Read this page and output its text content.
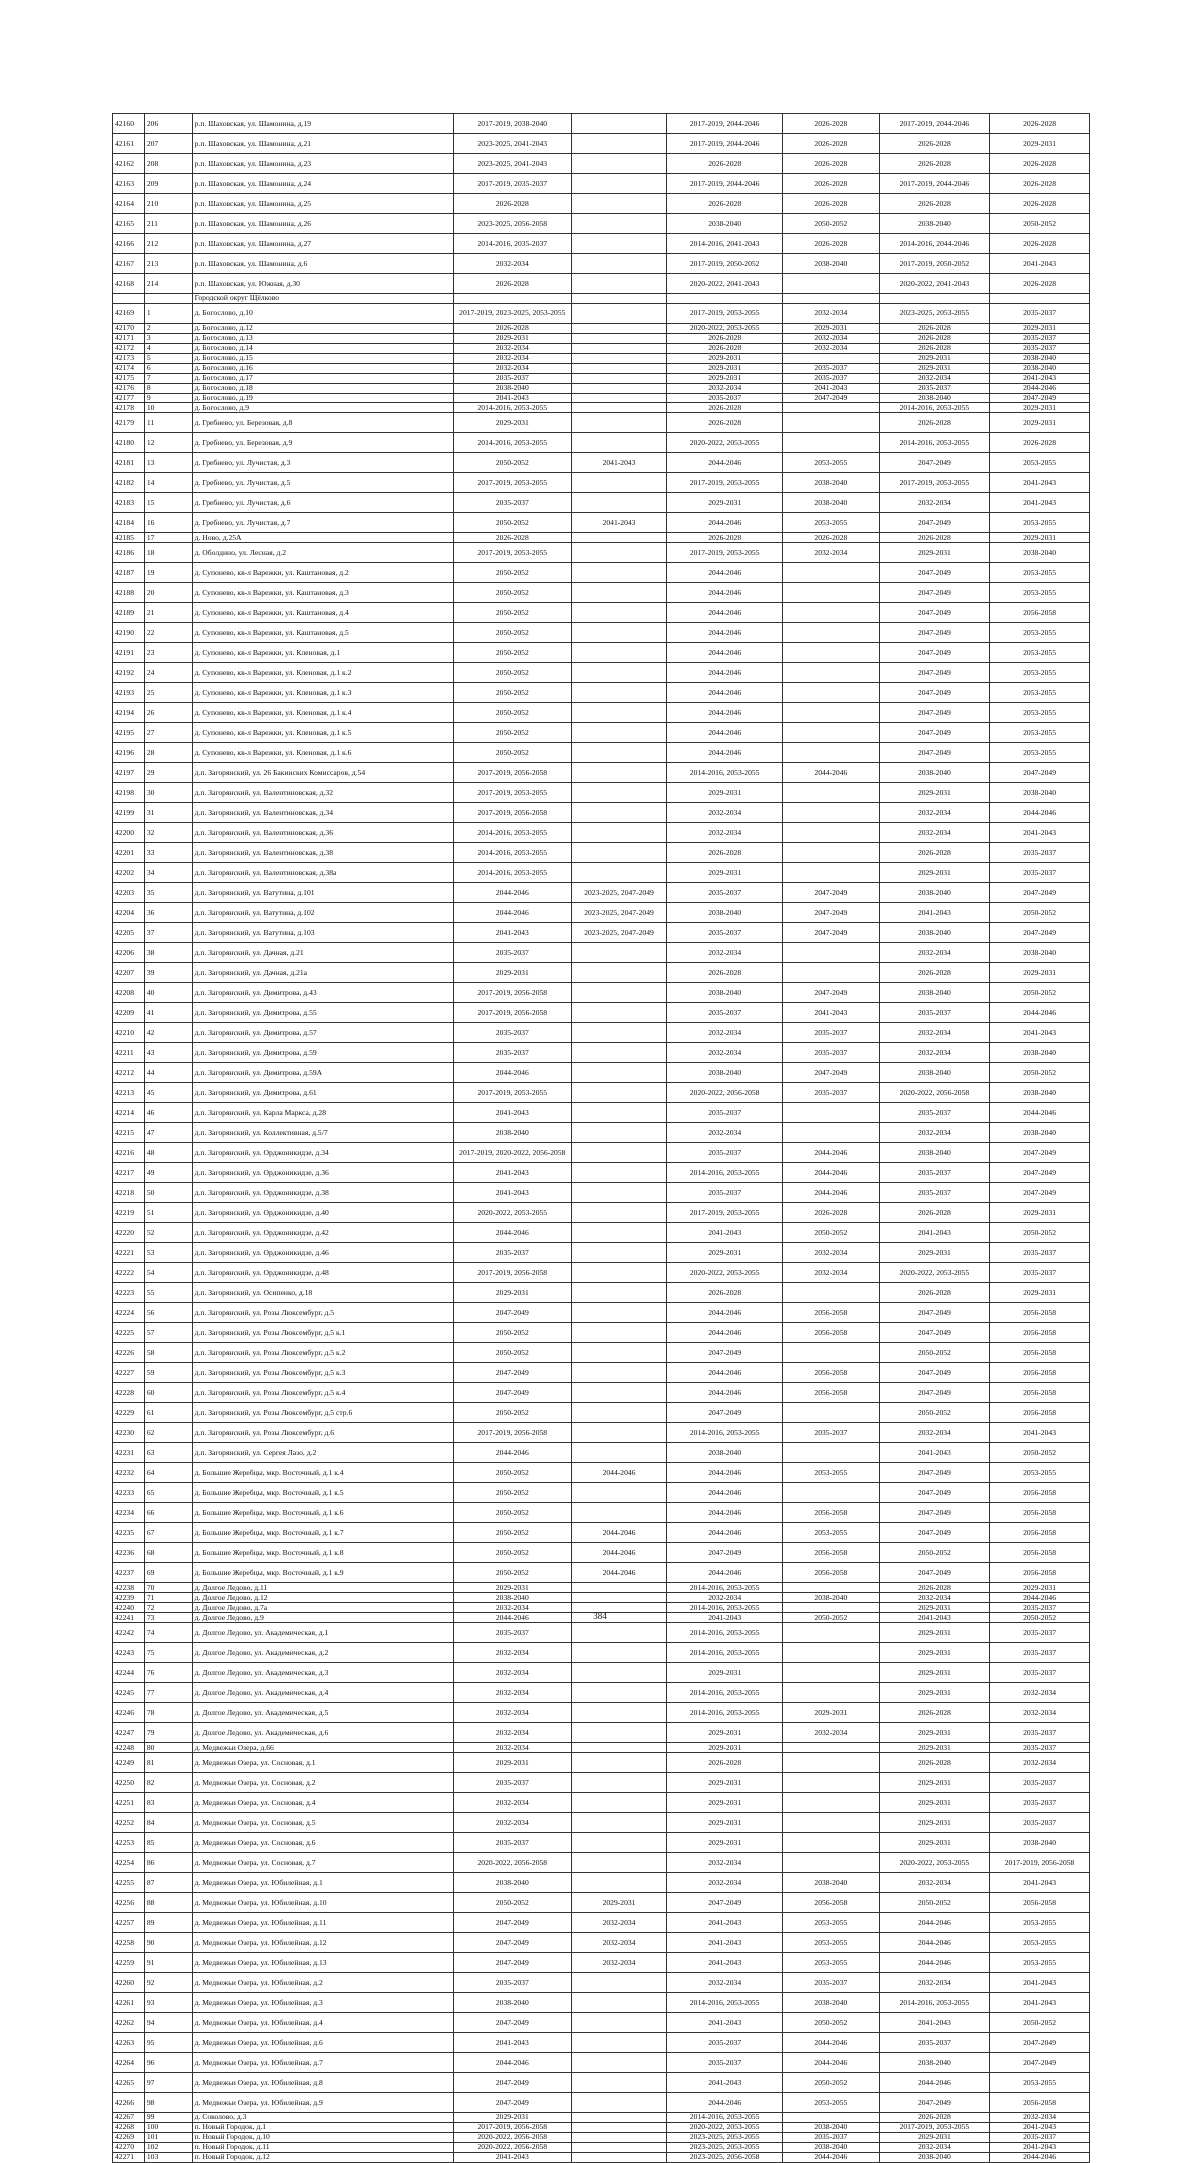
42160	206	р.п. Шаховская, ул. Шамонина, д.19	2017-2019, 2038-2040		2017-2019, 2044-2046	2026-2028	2017-2019, 2044-2046	2026-2028
42161	207	р.п. Шаховская, ул. Шамонина, д.21	2023-2025, 2041-2043		2017-2019, 2044-2046	2026-2028	2026-2028	2029-2031
42162	208	р.п. Шаховская, ул. Шамонина, д.23	2023-2025, 2041-2043		2026-2028	2026-2028	2026-2028	2026-2028
42163	209	р.п. Шаховская, ул. Шамонина, д.24	2017-2019, 2035-2037		2017-2019, 2044-2046	2026-2028	2017-2019, 2044-2046	2026-2028
42164	210	р.п. Шаховская, ул. Шамонина, д.25	2026-2028		2026-2028	2026-2028	2026-2028	2026-2028
42165	211	р.п. Шаховская, ул. Шамонина, д.26	2023-2025, 2056-2058		2038-2040	2050-2052	2038-2040	2050-2052
42166	212	р.п. Шаховская, ул. Шамонина, д.27	2014-2016, 2035-2037		2014-2016, 2041-2043	2026-2028	2014-2016, 2044-2046	2026-2028
42167	213	р.п. Шаховская, ул. Шамонина, д.6	2032-2034		2017-2019, 2050-2052	2038-2040	2017-2019, 2050-2052	2041-2043
42168	214	р.п. Шаховская, ул. Южная, д.30	2026-2028		2020-2022, 2041-2043		2020-2022, 2041-2043	2026-2028
		Городской округ Щёлково						
42169	1	д. Богослово, д.10	2017-2019, 2023-2025, 2053-2055		2017-2019, 2053-2055	2032-2034	2023-2025, 2053-2055	2035-2037
42170	2	д. Богослово, д.12	2026-2028		2020-2022, 2053-2055	2029-2031	2026-2028	2029-2031
42171	3	д. Богослово, д.13	2029-2031		2026-2028	2032-2034	2026-2028	2035-2037
42172	4	д. Богослово, д.14	2032-2034		2026-2028	2032-2034	2026-2028	2035-2037
42173	5	д. Богослово, д.15	2032-2034		2029-2031		2029-2031	2038-2040
42174	6	д. Богослово, д.16	2032-2034		2029-2031	2035-2037	2029-2031	2038-2040
42175	7	д. Богослово, д.17	2035-2037		2029-2031	2035-2037	2032-2034	2041-2043
42176	8	д. Богослово, д.18	2038-2040		2032-2034	2041-2043	2035-2037	2044-2046
42177	9	д. Богослово, д.19	2041-2043		2035-2037	2047-2049	2038-2040	2047-2049
42178	10	д. Богослово, д.9	2014-2016, 2053-2055		2026-2028		2014-2016, 2053-2055	2029-2031
42179	11	д. Гребнево, ул. Березовая, д.8	2029-2031		2026-2028		2026-2028	2029-2031
42180	12	д. Гребнево, ул. Березовая, д.9	2014-2016, 2053-2055		2020-2022, 2053-2055		2014-2016, 2053-2055	2026-2028
42181	13	д. Гребнево, ул. Лучистая, д.3	2050-2052	2041-2043	2044-2046	2053-2055	2047-2049	2053-2055
42182	14	д. Гребнево, ул. Лучистая, д.5	2017-2019, 2053-2055		2017-2019, 2053-2055	2038-2040	2017-2019, 2053-2055	2041-2043
42183	15	д. Гребнево, ул. Лучистая, д.6	2035-2037		2029-2031	2038-2040	2032-2034	2041-2043
42184	16	д. Гребнево, ул. Лучистая, д.7	2050-2052	2041-2043	2044-2046	2053-2055	2047-2049	2053-2055
42185	17	д. Ново, д.25А	2026-2028		2026-2028	2026-2028	2026-2028	2029-2031
42186	18	д. Оболдино, ул. Лесная, д.2	2017-2019, 2053-2055		2017-2019, 2053-2055	2032-2034	2029-2031	2038-2040
42187	19	д. Супонево, кв-л Варежки, ул. Каштановая, д.2	2050-2052		2044-2046		2047-2049	2053-2055
42188	20	д. Супонево, кв-л Варежки, ул. Каштановая, д.3	2050-2052		2044-2046		2047-2049	2053-2055
42189	21	д. Супонево, кв-л Варежки, ул. Каштановая, д.4	2050-2052		2044-2046		2047-2049	2056-2058
42190	22	д. Супонево, кв-л Варежки, ул. Каштановая, д.5	2050-2052		2044-2046		2047-2049	2053-2055
42191	23	д. Супонево, кв-л Варежки, ул. Кленовая, д.1	2050-2052		2044-2046		2047-2049	2053-2055
42192	24	д. Супонево, кв-л Варежки, ул. Кленовая, д.1 к.2	2050-2052		2044-2046		2047-2049	2053-2055
42193	25	д. Супонево, кв-л Варежки, ул. Кленовая, д.1 к.3	2050-2052		2044-2046		2047-2049	2053-2055
42194	26	д. Супонево, кв-л Варежки, ул. Кленовая, д.1 к.4	2050-2052		2044-2046		2047-2049	2053-2055
42195	27	д. Супонево, кв-л Варежки, ул. Кленовая, д.1 к.5	2050-2052		2044-2046		2047-2049	2053-2055
42196	28	д. Супонево, кв-л Варежки, ул. Кленовая, д.1 к.6	2050-2052		2044-2046		2047-2049	2053-2055
42197	29	д.п. Загорянский, ул. 26 Бакинских Комиссаров, д.54	2017-2019, 2056-2058		2014-2016, 2053-2055	2044-2046	2038-2040	2047-2049
42198	30	д.п. Загорянский, ул. Валентиновская, д.32	2017-2019, 2053-2055		2029-2031		2029-2031	2038-2040
42199	31	д.п. Загорянский, ул. Валентиновская, д.34	2017-2019, 2056-2058		2032-2034		2032-2034	2044-2046
42200	32	д.п. Загорянский, ул. Валентиновская, д.36	2014-2016, 2053-2055		2032-2034		2032-2034	2041-2043
42201	33	д.п. Загорянский, ул. Валентиновская, д.38	2014-2016, 2053-2055		2026-2028		2026-2028	2035-2037
42202	34	д.п. Загорянский, ул. Валентиновская, д.38а	2014-2016, 2053-2055		2029-2031		2029-2031	2035-2037
42203	35	д.п. Загорянский, ул. Ватутина, д.101	2044-2046	2023-2025, 2047-2049	2035-2037	2047-2049	2038-2040	2047-2049
42204	36	д.п. Загорянский, ул. Ватутина, д.102	2044-2046	2023-2025, 2047-2049	2038-2040	2047-2049	2041-2043	2050-2052
42205	37	д.п. Загорянский, ул. Ватутина, д.103	2041-2043	2023-2025, 2047-2049	2035-2037	2047-2049	2038-2040	2047-2049
42206	38	д.п. Загорянский, ул. Дачная, д.21	2035-2037		2032-2034		2032-2034	2038-2040
42207	39	д.п. Загорянский, ул. Дачная, д.21а	2029-2031		2026-2028		2026-2028	2029-2031
42208	40	д.п. Загорянский, ул. Димитрова, д.43	2017-2019, 2056-2058		2038-2040	2047-2049	2038-2040	2050-2052
42209	41	д.п. Загорянский, ул. Димитрова, д.55	2017-2019, 2056-2058		2035-2037	2041-2043	2035-2037	2044-2046
42210	42	д.п. Загорянский, ул. Димитрова, д.57	2035-2037		2032-2034	2035-2037	2032-2034	2041-2043
42211	43	д.п. Загорянский, ул. Димитрова, д.59	2035-2037		2032-2034	2035-2037	2032-2034	2038-2040
42212	44	д.п. Загорянский, ул. Димитрова, д.59А	2044-2046		2038-2040	2047-2049	2038-2040	2050-2052
42213	45	д.п. Загорянский, ул. Димитрова, д.61	2017-2019, 2053-2055		2020-2022, 2056-2058	2035-2037	2020-2022, 2056-2058	2038-2040
42214	46	д.п. Загорянский, ул. Карла Маркса, д.28	2041-2043		2035-2037		2035-2037	2044-2046
42215	47	д.п. Загорянский, ул. Коллективная, д.5/7	2038-2040		2032-2034		2032-2034	2038-2040
42216	48	д.п. Загорянский, ул. Орджоникидзе, д.34	2017-2019, 2020-2022, 2056-2058		2035-2037	2044-2046	2038-2040	2047-2049
42217	49	д.п. Загорянский, ул. Орджоникидзе, д.36	2041-2043		2014-2016, 2053-2055	2044-2046	2035-2037	2047-2049
42218	50	д.п. Загорянский, ул. Орджоникидзе, д.38	2041-2043		2035-2037	2044-2046	2035-2037	2047-2049
42219	51	д.п. Загорянский, ул. Орджоникидзе, д.40	2020-2022, 2053-2055		2017-2019, 2053-2055	2026-2028	2026-2028	2029-2031
42220	52	д.п. Загорянский, ул. Орджоникидзе, д.42	2044-2046		2041-2043	2050-2052	2041-2043	2050-2052
42221	53	д.п. Загорянский, ул. Орджоникидзе, д.46	2035-2037		2029-2031	2032-2034	2029-2031	2035-2037
42222	54	д.п. Загорянский, ул. Орджоникидзе, д.48	2017-2019, 2056-2058		2020-2022, 2053-2055	2032-2034	2020-2022, 2053-2055	2035-2037
42223	55	д.п. Загорянский, ул. Осипенко, д.18	2029-2031		2026-2028		2026-2028	2029-2031
42224	56	д.п. Загорянский, ул. Розы Люксембург, д.5	2047-2049		2044-2046	2056-2058	2047-2049	2056-2058
42225	57	д.п. Загорянский, ул. Розы Люксембург, д.5 к.1	2050-2052		2044-2046	2056-2058	2047-2049	2056-2058
42226	58	д.п. Загорянский, ул. Розы Люксембург, д.5 к.2	2050-2052		2047-2049		2050-2052	2056-2058
42227	59	д.п. Загорянский, ул. Розы Люксембург, д.5 к.3	2047-2049		2044-2046	2056-2058	2047-2049	2056-2058
42228	60	д.п. Загорянский, ул. Розы Люксембург, д.5 к.4	2047-2049		2044-2046	2056-2058	2047-2049	2056-2058
42229	61	д.п. Загорянский, ул. Розы Люксембург, д.5 стр.6	2050-2052		2047-2049		2050-2052	2056-2058
42230	62	д.п. Загорянский, ул. Розы Люксембург, д.6	2017-2019, 2056-2058		2014-2016, 2053-2055	2035-2037	2032-2034	2041-2043
42231	63	д.п. Загорянский, ул. Сергея Лазо, д.2	2044-2046		2038-2040		2041-2043	2050-2052
42232	64	д. Большие Жеребцы, мкр. Восточный, д.1 к.4	2050-2052	2044-2046	2044-2046	2053-2055	2047-2049	2053-2055
42233	65	д. Большие Жеребцы, мкр. Восточный, д.1 к.5	2050-2052		2044-2046		2047-2049	2056-2058
42234	66	д. Большие Жеребцы, мкр. Восточный, д.1 к.6	2050-2052		2044-2046	2056-2058	2047-2049	2056-2058
42235	67	д. Большие Жеребцы, мкр. Восточный, д.1 к.7	2050-2052	2044-2046	2044-2046	2053-2055	2047-2049	2056-2058
42236	68	д. Большие Жеребцы, мкр. Восточный, д.1 к.8	2050-2052	2044-2046	2047-2049	2056-2058	2050-2052	2056-2058
42237	69	д. Большие Жеребцы, мкр. Восточный, д.1 к.9	2050-2052	2044-2046	2044-2046	2056-2058	2047-2049	2056-2058
42238	70	д. Долгое Ледово, д.11	2029-2031		2014-2016, 2053-2055		2026-2028	2029-2031
42239	71	д. Долгое Ледово, д.12	2038-2040		2032-2034	2038-2040	2032-2034	2044-2046
42240	72	д. Долгое Ледово, д.7а	2032-2034		2014-2016, 2053-2055		2029-2031	2035-2037
42241	73	д. Долгое Ледово, д.9	2044-2046		2041-2043	2050-2052	2041-2043	2050-2052
42242	74	д. Долгое Ледово, ул. Академическая, д.1	2035-2037		2014-2016, 2053-2055		2029-2031	2035-2037
42243	75	д. Долгое Ледово, ул. Академическая, д.2	2032-2034		2014-2016, 2053-2055		2029-2031	2035-2037
42244	76	д. Долгое Ледово, ул. Академическая, д.3	2032-2034		2029-2031		2029-2031	2035-2037
42245	77	д. Долгое Ледово, ул. Академическая, д.4	2032-2034		2014-2016, 2053-2055		2029-2031	2032-2034
42246	78	д. Долгое Ледово, ул. Академическая, д.5	2032-2034		2014-2016, 2053-2055	2029-2031	2026-2028	2032-2034
42247	79	д. Долгое Ледово, ул. Академическая, д.6	2032-2034		2029-2031	2032-2034	2029-2031	2035-2037
42248	80	д. Медвежьи Озера, д.66	2032-2034		2029-2031		2029-2031	2035-2037
42249	81	д. Медвежьи Озера, ул. Сосновая, д.1	2029-2031		2026-2028		2026-2028	2032-2034
42250	82	д. Медвежьи Озера, ул. Сосновая, д.2	2035-2037		2029-2031		2029-2031	2035-2037
42251	83	д. Медвежьи Озера, ул. Сосновая, д.4	2032-2034		2029-2031		2029-2031	2035-2037
42252	84	д. Медвежьи Озера, ул. Сосновая, д.5	2032-2034		2029-2031		2029-2031	2035-2037
42253	85	д. Медвежьи Озера, ул. Сосновая, д.6	2035-2037		2029-2031		2029-2031	2038-2040
42254	86	д. Медвежьи Озера, ул. Сосновая, д.7	2020-2022, 2056-2058		2032-2034		2020-2022, 2053-2055	2017-2019, 2056-2058
42255	87	д. Медвежьи Озера, ул. Юбилейная, д.1	2038-2040		2032-2034	2038-2040	2032-2034	2041-2043
42256	88	д. Медвежьи Озера, ул. Юбилейная, д.10	2050-2052	2029-2031	2047-2049	2056-2058	2050-2052	2056-2058
42257	89	д. Медвежьи Озера, ул. Юбилейная, д.11	2047-2049	2032-2034	2041-2043	2053-2055	2044-2046	2053-2055
42258	90	д. Медвежьи Озера, ул. Юбилейная, д.12	2047-2049	2032-2034	2041-2043	2053-2055	2044-2046	2053-2055
42259	91	д. Медвежьи Озера, ул. Юбилейная, д.13	2047-2049	2032-2034	2041-2043	2053-2055	2044-2046	2053-2055
42260	92	д. Медвежьи Озера, ул. Юбилейная, д.2	2035-2037		2032-2034	2035-2037	2032-2034	2041-2043
42261	93	д. Медвежьи Озера, ул. Юбилейная, д.3	2038-2040		2014-2016, 2053-2055	2038-2040	2014-2016, 2053-2055	2041-2043
42262	94	д. Медвежьи Озера, ул. Юбилейная, д.4	2047-2049		2041-2043	2050-2052	2041-2043	2050-2052
42263	95	д. Медвежьи Озера, ул. Юбилейная, д.6	2041-2043		2035-2037	2044-2046	2035-2037	2047-2049
42264	96	д. Медвежьи Озера, ул. Юбилейная, д.7	2044-2046		2035-2037	2044-2046	2038-2040	2047-2049
42265	97	д. Медвежьи Озера, ул. Юбилейная, д.8	2047-2049		2041-2043	2050-2052	2044-2046	2053-2055
42266	98	д. Медвежьи Озера, ул. Юбилейная, д.9	2047-2049		2044-2046	2053-2055	2047-2049	2056-2058
42267	99	д. Соколово, д.3	2029-2031		2014-2016, 2053-2055		2026-2028	2032-2034
42268	100	п. Новый Городок, д.1	2017-2019, 2056-2058		2020-2022, 2053-2055	2038-2040	2017-2019, 2053-2055	2041-2043
42269	101	п. Новый Городок, д.10	2020-2022, 2056-2058		2023-2025, 2053-2055	2035-2037	2029-2031	2035-2037
42270	102	п. Новый Городок, д.11	2020-2022, 2056-2058		2023-2025, 2053-2055	2038-2040	2032-2034	2041-2043
42271	103	п. Новый Городок, д.12	2041-2043		2023-2025, 2056-2058	2044-2046	2038-2040	2044-2046
384
